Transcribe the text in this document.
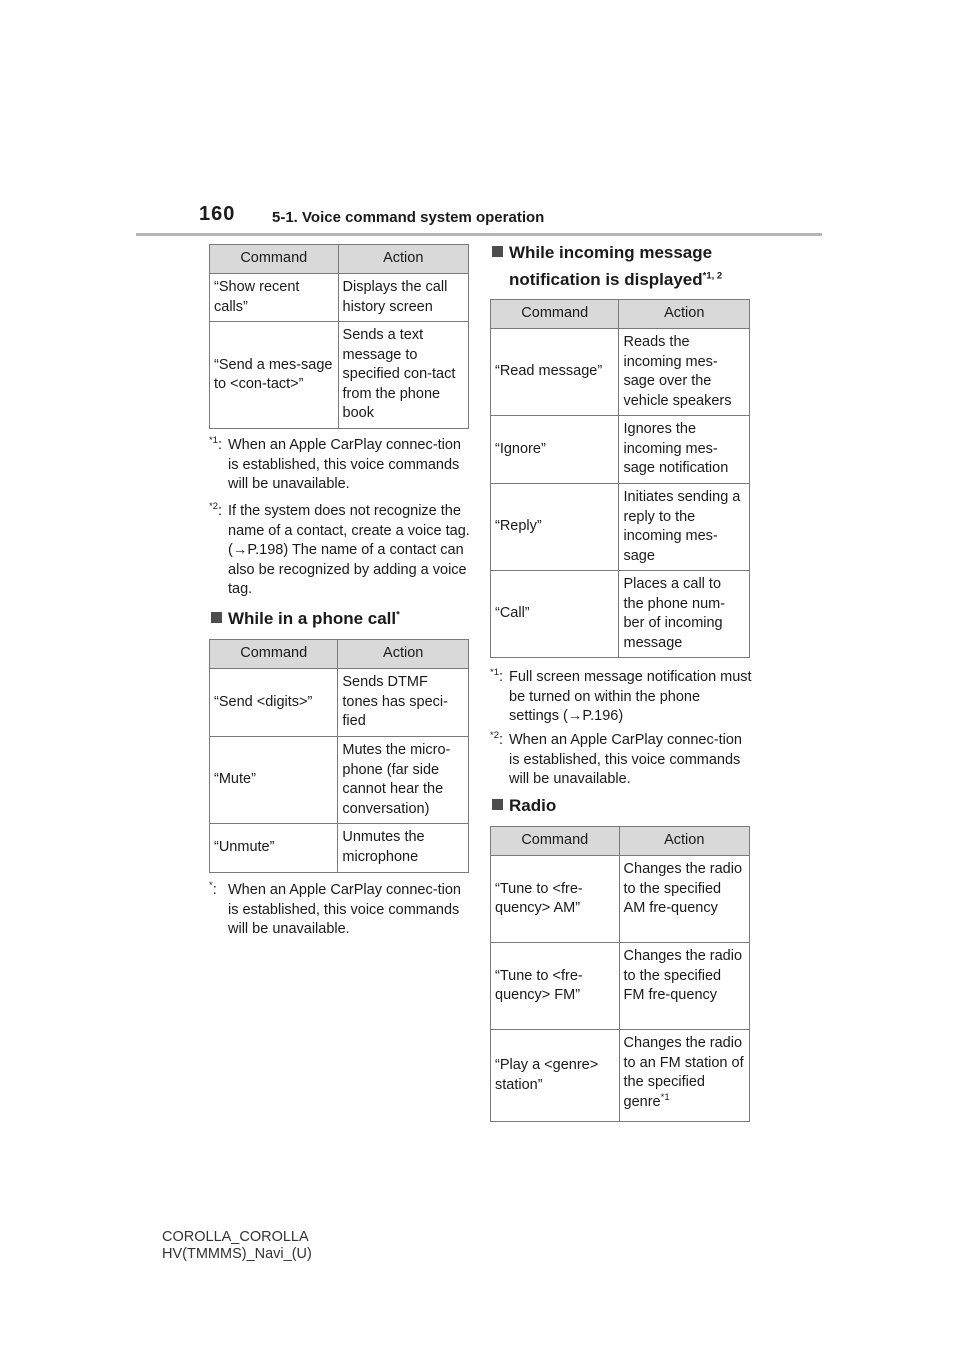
160 5-1. Voice command system operation
Command	Action
“Show recent calls”	Displays the call history screen
“Send a mes-sage to <con-tact>”	Sends a text message to specified con-tact from the phone book
$^{*1}$: When an Apple CarPlay connec-tion is established, this voice commands will be unavailable.
$^{*2}$: If the system does not recognize the name of a contact, create a voice tag. (→P.198) The name of a contact can also be recognized by adding a voice tag.
While in a phone call*
Command	Action
“Send <digits>”	Sends DTMF tones has speci-fied
“Mute”	Mutes the micro-phone (far side cannot hear the conversation)
“Unmute”	Unmutes the microphone
*: When an Apple CarPlay connec-tion is established, this voice commands will be unavailable.
While incoming message
notification is displayed$^{*1, 2}$
Command	Action
“Read message”	Reads the incoming mes-sage over the vehicle speakers
“Ignore”	Ignores the incoming mes-sage notification
“Reply”	Initiates sending a reply to the incoming mes-sage
“Call”	Places a call to the phone num-ber of incoming message
$^{*1}$: Full screen message notification must be turned on within the phone settings (→P.196)
$^{*2}$: When an Apple CarPlay connec-tion is established, this voice commands will be unavailable.
Radio
Command	Action
“Tune to <fre-quency> AM”	Changes the radio to the specified AM fre-quency
“Tune to <fre-quency> FM”	Changes the radio to the specified FM fre-quency
“Play a <genre> station”	Changes the radio to an FM station of the specified genre$^{*1}$
COROLLA_COROLLA
HV(TMMMS)_Navi_(U)
